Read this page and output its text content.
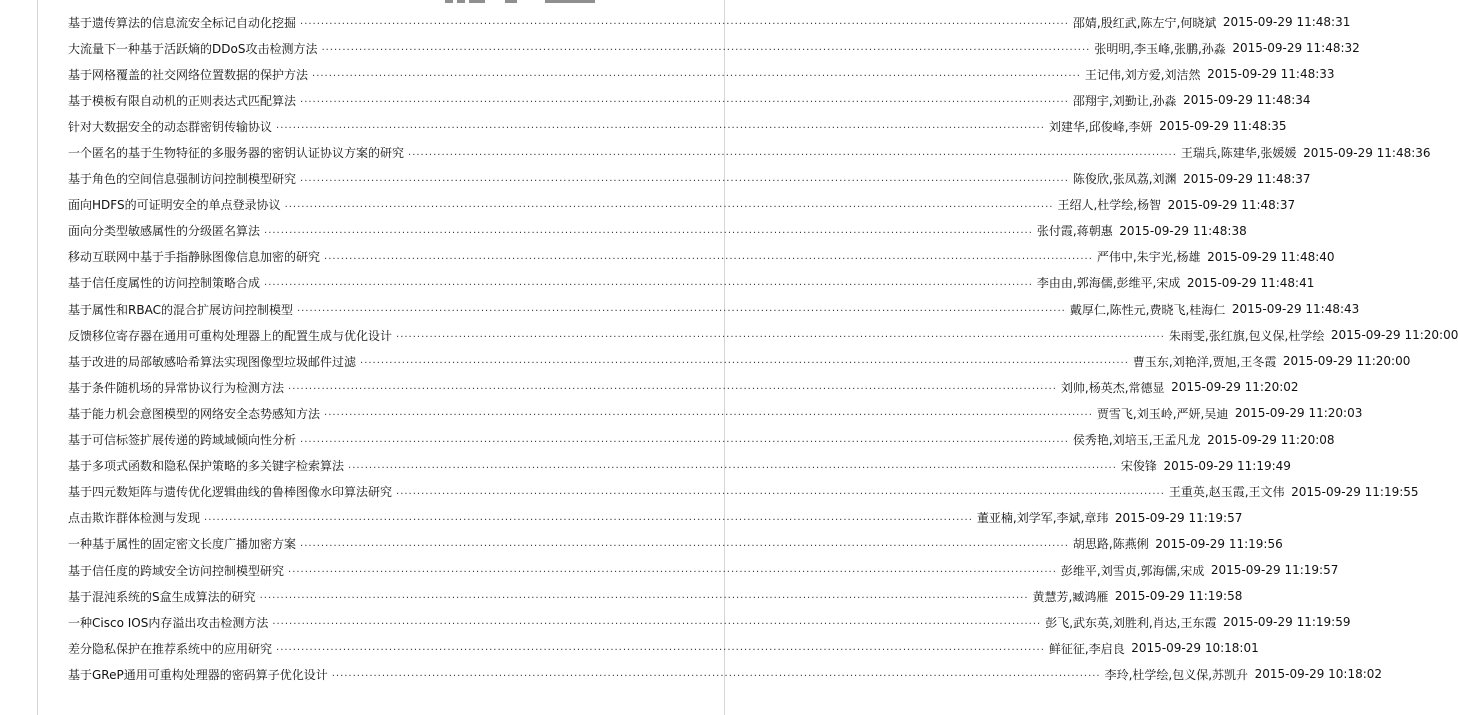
基于遗传算法的信息流安全标记自动化挖掘 .....	邵婧,殷红武,陈左宁,何晓斌 2015-09-29 11:48:31
大流量下一种基于活跃熵的DDoS攻击检测方法 .....	张明明,李玉峰,张鹏,孙淼 2015-09-29 11:48:32
基于网格覆盖的社交网络位置数据的保护方法 .....	王记伟,刘方爱,刘洁然 2015-09-29 11:48:33
基于模板有限自动机的正则表达式匹配算法 .....	邵翔宇,刘勤让,孙淼 2015-09-29 11:48:34
针对大数据安全的动态群密钥传输协议 .....	刘建华,邱俊峰,李妍 2015-09-29 11:48:35
一个匿名的基于生物特征的多服务器的密钥认证协议方案的研究 .....	王瑞兵,陈建华,张媛媛 2015-09-29 11:48:36
基于角色的空间信息强制访问控制模型研究 .....	陈俊欣,张凤荔,刘渊 2015-09-29 11:48:37
面向HDFS的可证明安全的单点登录协议 .....	王绍人,杜学绘,杨智 2015-09-29 11:48:37
面向分类型敏感属性的分级匿名算法 .....	张付霞,蒋朝惠 2015-09-29 11:48:38
移动互联网中基于手指静脉图像信息加密的研究 .....	严伟中,朱宇光,杨雄 2015-09-29 11:48:40
基于信任度属性的访问控制策略合成 .....	李由由,郭海儒,彭维平,宋成 2015-09-29 11:48:41
基于属性和RBAC的混合扩展访问控制模型 .....	戴厚仁,陈性元,费晓飞,桂海仁 2015-09-29 11:48:43
反馈移位寄存器在通用可重构处理器上的配置生成与优化设计 .....	朱雨雯,张红旗,包义保,杜学绘 2015-09-29 11:20:00
基于改进的局部敏感哈希算法实现图像型垃圾邮件过滤 .....	曹玉东,刘艳洋,贾旭,王冬霞 2015-09-29 11:20:00
基于条件随机场的异常协议行为检测方法 .....	刘帅,杨英杰,常德显 2015-09-29 11:20:02
基于能力机会意图模型的网络安全态势感知方法 .....	贾雪飞,刘玉岭,严妍,吴迪 2015-09-29 11:20:03
基于可信标签扩展传递的跨域域倾向性分析 .....	侯秀艳,刘培玉,王孟凡龙 2015-09-29 11:20:08
基于多项式函数和隐私保护策略的多关键字检索算法 .....	宋俊锋 2015-09-29 11:19:49
基于四元数矩阵与遗传优化逻辑曲线的鲁棒图像水印算法研究 .....	王重英,赵玉霞,王文伟 2015-09-29 11:19:55
点击欺诈群体检测与发现 .....	董亚楠,刘学军,李斌,章玮 2015-09-29 11:19:57
一种基于属性的固定密文长度广播加密方案 .....	胡思路,陈燕俐 2015-09-29 11:19:56
基于信任度的跨域安全访问控制模型研究 .....	彭维平,刘雪贞,郭海儒,宋成 2015-09-29 11:19:57
基于混沌系统的S盒生成算法的研究 .....	黄慧芳,臧鸿雁 2015-09-29 11:19:58
一种Cisco IOS内存溢出攻击检测方法 .....	彭飞,武东英,刘胜利,肖达,王东霞 2015-09-29 11:19:59
差分隐私保护在推荐系统中的应用研究 .....	鲜征征,李启良 2015-09-29 10:18:01
基于GReP通用可重构处理器的密码算子优化设计 .....	李玲,杜学绘,包义保,苏凯升 2015-09-29 10:18:02
